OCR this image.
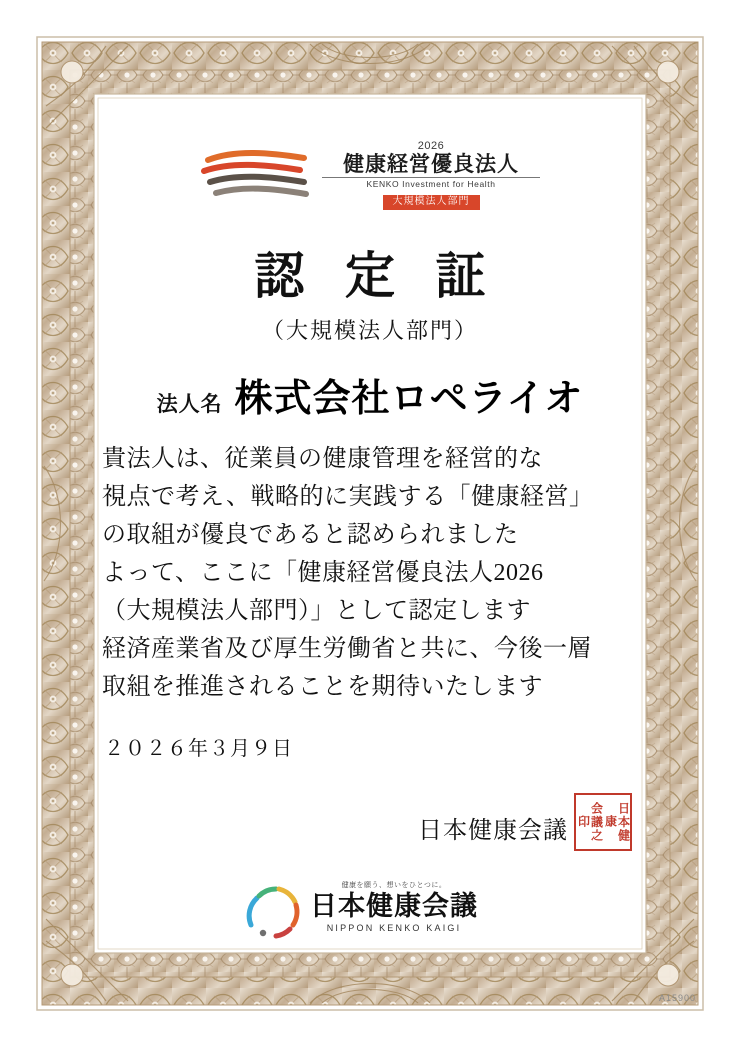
2026
健康経営優良法人
KENKO Investment for Health
大規模法人部門
認 定 証
（大規模法人部門）
法人名 株式会社ロペライオ

貴法人は、従業員の健康管理を経営的な

視点で考え、戦略的に実践する「健康経営」

の取組が優良であると認められました

よって、ここに「健康経営優良法人2026

（大規模法人部門）」として認定します

経済産業省及び厚生労働省と共に、今後一層

取組を推進されることを期待いたします

２０２６年３月９日
日本健康会議	日本健康
会議之印
健康を願う、想いをひとつに。
日本健康会議
NIPPON KENKO KAIGI
A15900
